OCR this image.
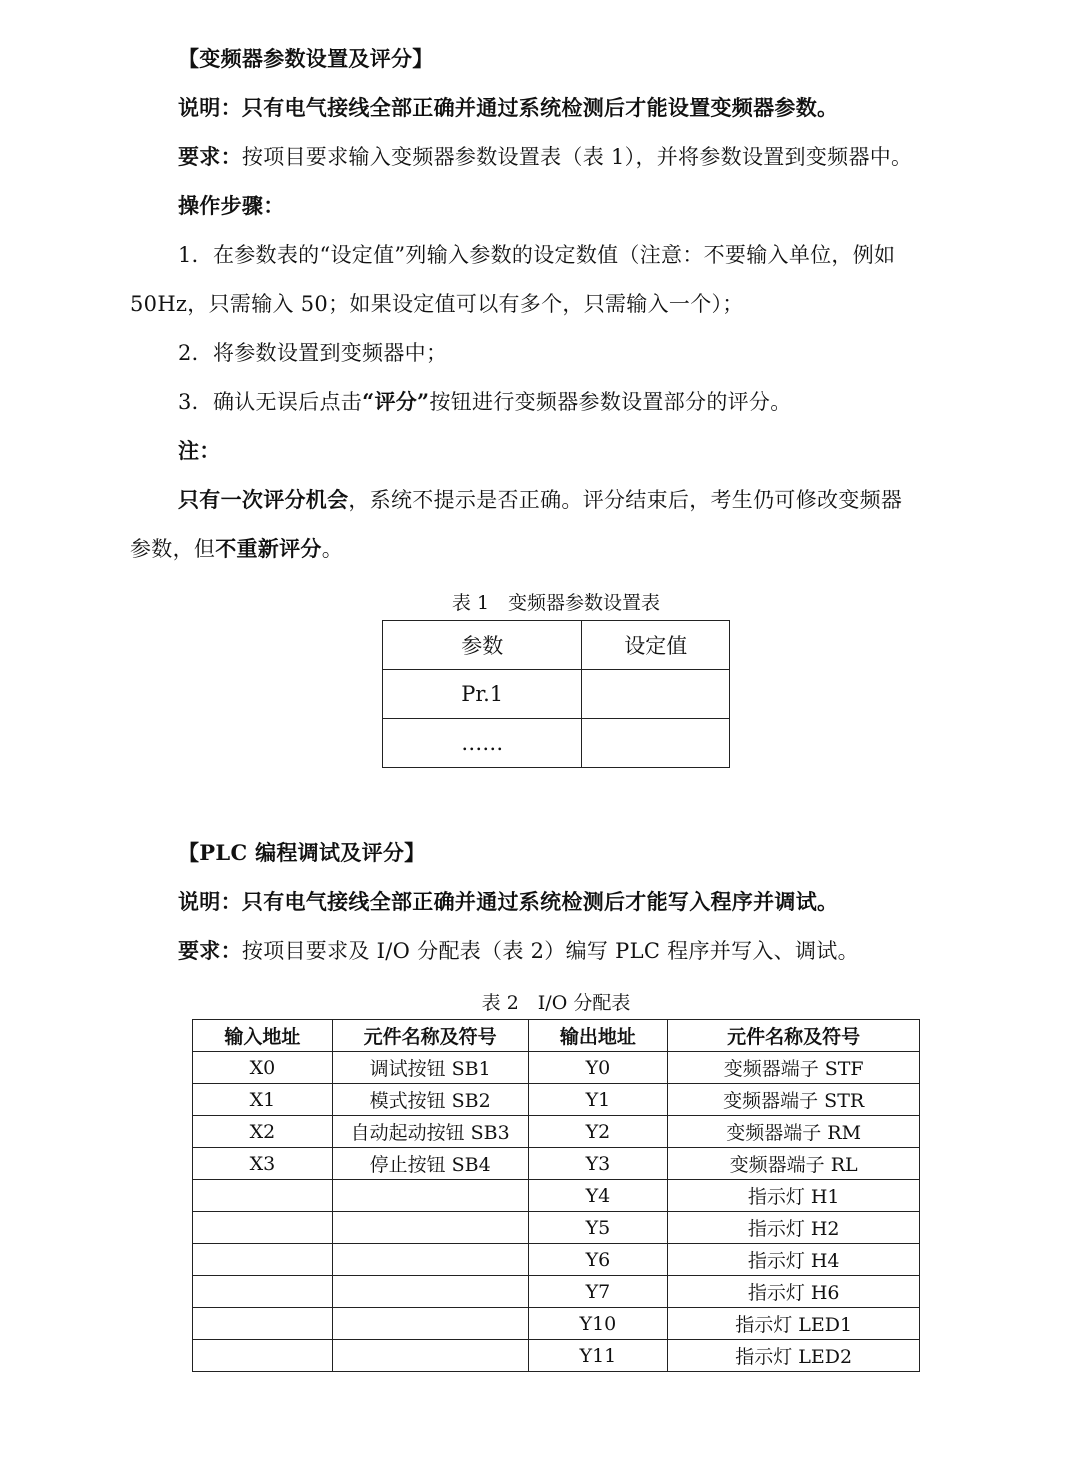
【变频器参数设置及评分】
说明：只有电气接线全部正确并通过系统检测后才能设置变频器参数。
要求：按项目要求输入变频器参数设置表（表 1），并将参数设置到变频器中。
操作步骤：
1．在参数表的“设定值”列输入参数的设定数值（注意：不要输入单位，例如
50Hz，只需输入 50；如果设定值可以有多个，只需输入一个）；
2．将参数设置到变频器中；
3．确认无误后点击“评分”按钮进行变频器参数设置部分的评分。
注：
只有一次评分机会，系统不提示是否正确。评分结束后，考生仍可修改变频器
参数，但不重新评分。
表 1　变频器参数设置表
参数	设定值
Pr.1	
……	
【PLC 编程调试及评分】
说明：只有电气接线全部正确并通过系统检测后才能写入程序并调试。
要求：按项目要求及 I/O 分配表（表 2）编写 PLC 程序并写入、调试。
表 2　I/O 分配表
输入地址	元件名称及符号	输出地址	元件名称及符号
X0	调试按钮 SB1	Y0	变频器端子 STF
X1	模式按钮 SB2	Y1	变频器端子 STR
X2	自动起动按钮 SB3	Y2	变频器端子 RM
X3	停止按钮 SB4	Y3	变频器端子 RL
		Y4	指示灯 H1
		Y5	指示灯 H2
		Y6	指示灯 H4
		Y7	指示灯 H6
		Y10	指示灯 LED1
		Y11	指示灯 LED2
